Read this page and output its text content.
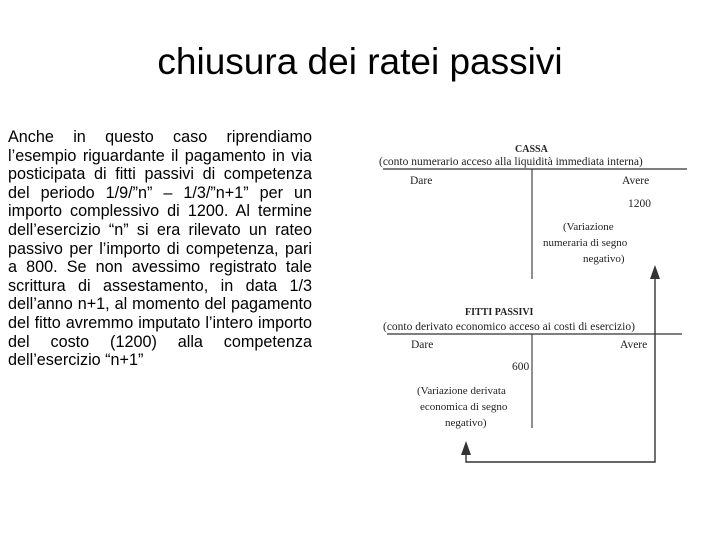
chiusura dei ratei passivi
Anche in questo caso riprendiamo l’esempio riguardante il pagamento in via posticipata di fitti passivi di competenza del periodo 1/9/”n” – 1/3/”n+1” per un importo complessivo di 1200. Al termine dell’esercizio “n” si era rilevato un rateo passivo per l’importo di competenza, pari a 800. Se non avessimo registrato tale scrittura di assestamento, in data 1/3 dell’anno n+1, al momento del pagamento del fitto avremmo imputato l’intero importo del costo (1200) alla competenza dell’esercizio “n+1”
CASSA
(conto numerario acceso alla liquidità immediata interna)
Dare	Avere
1200
(Variazione
numeraria di segno
negativo)
FITTI PASSIVI
(conto derivato economico acceso ai costi di esercizio)
Dare	Avere
600
(Variazione derivata
economica di segno
negativo)
